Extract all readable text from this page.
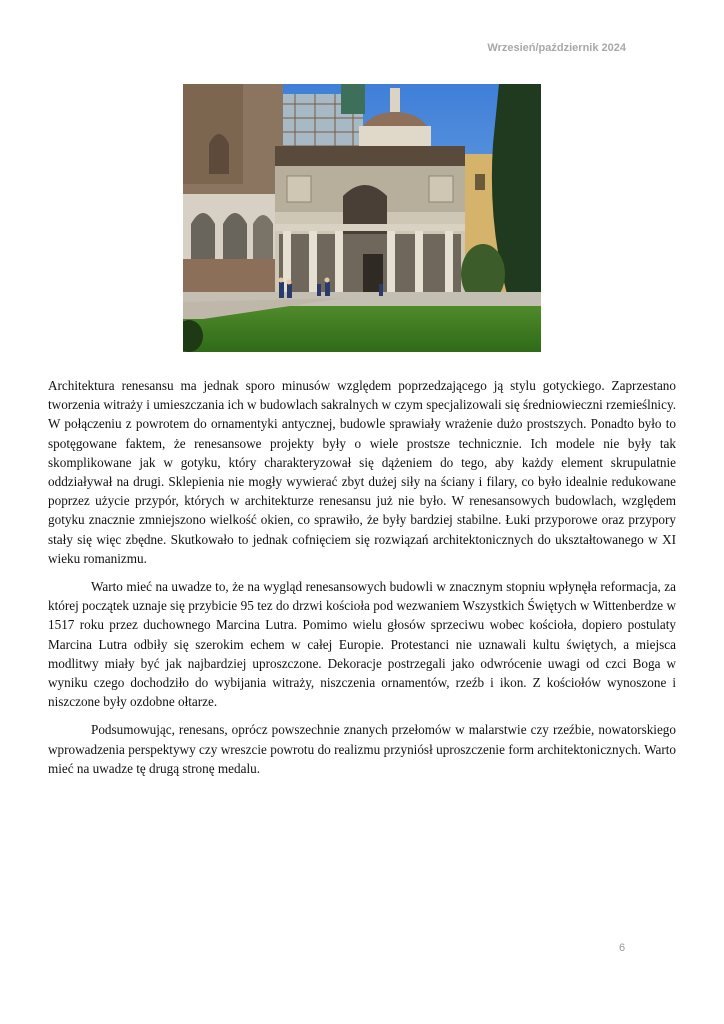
Wrzesień/październik 2024

Architektura renesansu ma jednak sporo minusów względem poprzedzającego ją stylu gotyckiego. Zaprzestano tworzenia witraży i umieszczania ich w budowlach sakralnych w czym specjalizowali się średniowieczni rzemieślnicy. W połączeniu z powrotem do ornamentyki antycznej, budowle sprawiały wrażenie dużo prostszych. Ponadto było to spotęgowane faktem, że renesansowe projekty były o wiele prostsze technicznie. Ich modele nie były tak skomplikowane jak w gotyku, który charakteryzował się dążeniem do tego, aby każdy element skrupulatnie oddziaływał na drugi. Sklepienia nie mogły wywierać zbyt dużej siły na ściany i filary, co było idealnie redukowane poprzez użycie przypór, których w architekturze renesansu już nie było. W renesansowych budowlach, względem gotyku znacznie zmniejszono wielkość okien, co sprawiło, że były bardziej stabilne. Łuki przyporowe oraz przypory stały się więc zbędne. Skutkowało to jednak cofnięciem się rozwiązań architektonicznych do ukształtowanego w XI wieku romanizmu.

Warto mieć na uwadze to, że na wygląd renesansowych budowli w znacznym stopniu wpłynęła reformacja, za której początek uznaje się przybicie 95 tez do drzwi kościoła pod wezwaniem Wszystkich Świętych w Wittenberdze w 1517 roku przez duchownego Marcina Lutra. Pomimo wielu głosów sprzeciwu wobec kościoła, dopiero postulaty Marcina Lutra odbiły się szerokim echem w całej Europie. Protestanci nie uznawali kultu świętych, a miejsca modlitwy miały być jak najbardziej uproszczone. Dekoracje postrzegali jako odwrócenie uwagi od czci Boga w wyniku czego dochodziło do wybijania witraży, niszczenia ornamentów, rzeźb i ikon. Z kościołów wynoszone i niszczone były ozdobne ołtarze.

Podsumowując, renesans, oprócz powszechnie znanych przełomów w malarstwie czy rzeźbie, nowatorskiego wprowadzenia perspektywy czy wreszcie powrotu do realizmu przyniósł uproszczenie form architektonicznych. Warto mieć na uwadze tę drugą stronę medalu.

6
